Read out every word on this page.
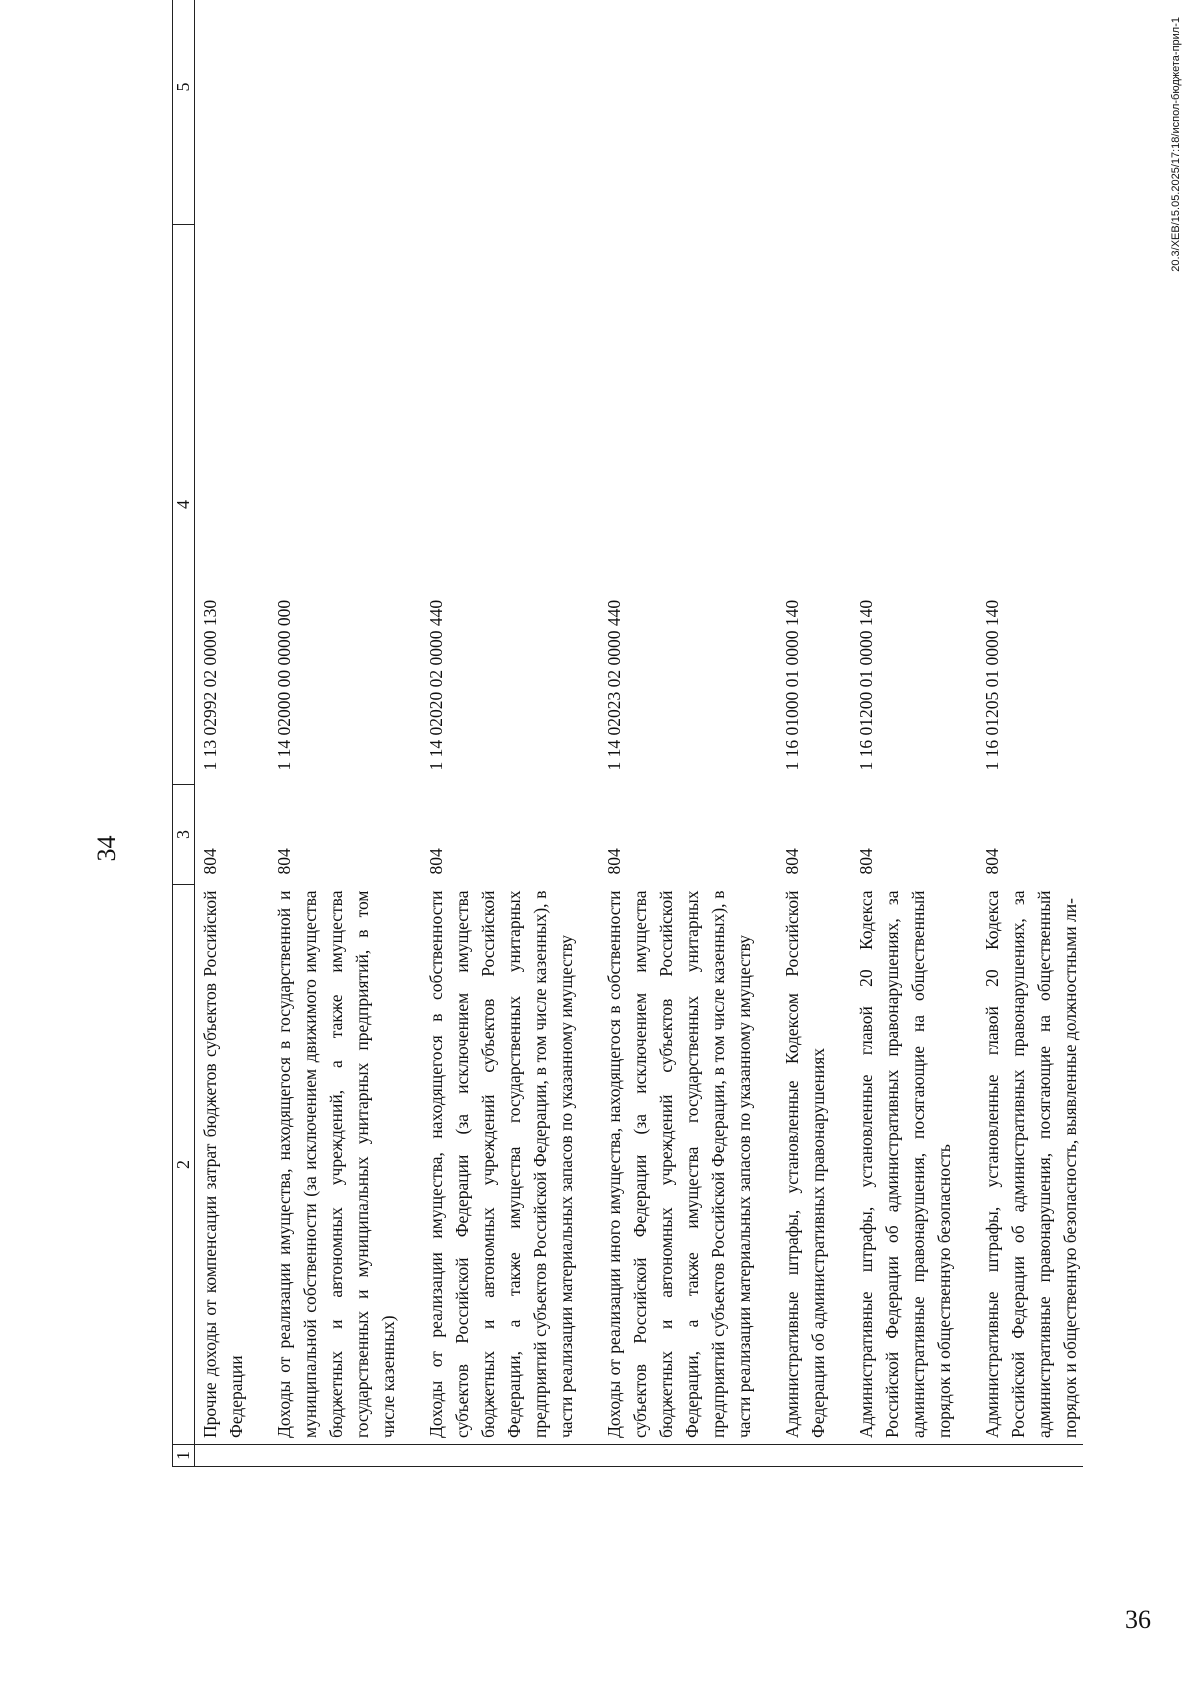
34
1	2	3	4	5
	Прочие доходы от компенсации затрат бюджетов субъектов Российской Федерации	804	1 13 02992 02 0000 130	
	Доходы от реализации имущества, находящегося в государственной и муниципальной собственности (за исключением движимого имущества бюджетных и автономных учреждений, а также имущества государственных и муниципальных унитарных предприятий, в том числе казенных)	804	1 14 02000 00 0000 000	
	Доходы от реализации имущества, находящегося в собственности субъектов Российской Федерации (за исключением имущества бюджетных и автономных учреждений субъектов Российской Федерации, а также имущества государственных унитарных предприятий субъектов Российской Федерации, в том числе казенных), в части реализации материальных запасов по указанному имуществу	804	1 14 02020 02 0000 440	
	Доходы от реализации иного имущества, находящегося в собственности субъектов Российской Федерации (за исключением имущества бюджетных и автономных учреждений субъектов Российской Федерации, а также имущества государственных унитарных предприятий субъектов Российской Федерации, в том числе казенных), в части реализации материальных запасов по указанному имуществу	804	1 14 02023 02 0000 440	
	Административные штрафы, установленные Кодексом Российской Федерации об административных правонарушениях	804	1 16 01000 01 0000 140	
	Административные штрафы, установленные главой 20 Кодекса Российской Федерации об административных правонарушениях, за административные правонарушения, посягающие на общественный порядок и общественную безопасность	804	1 16 01200 01 0000 140	
	Административные штрафы, установленные главой 20 Кодекса Российской Федерации об административных правонарушениях, за административные правонарушения, посягающие на общественный порядок и общественную безопасность, выявленные должностными ли-	804	1 16 01205 01 0000 140	
20.3/XEB/15.05.2025/17:18/испол-бюджета-прил-1
36
